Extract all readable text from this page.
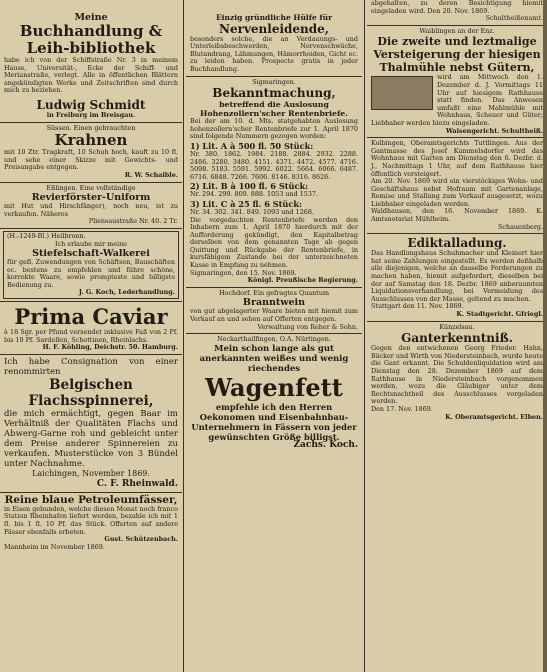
Meine
Buchhandlung & Leih-bibliothek
habe ich von der Schiffstraße Nr. 3 in meinem Hause, Universität-, Ecke der Schiff- und Merianstraße, verlegt. Alle in öffentlichen Blättern angekündigten Werke und Zeitschriften sind durch mich zu beziehen.
Ludwig Schmidt
in Freiburg im Breisgau.
Süssen. Einen gebrauchten
Krahnen
mit 10 Ztr. Tragkraft, 10 Schuh hoch, kauft zu 10 fl. und sehe einer Skizze mit Gewichts- und Preisangabe entgegen.
R. W. Schaible.
Eßlingen. Eine vollständige
Revierförster-Uniform
mit Hut und Hirschfänger), noch neu, ist zu verkaufen. Näheres
Pliensaustraße Nr. 40. 2 Tr.
(H.-1249-Bl.) Heilbronn.
Ich erlaube mir meine
Stiefelschaft-Walkerei
für gefl. Zuwendungen von Schäftsen, Bauschäften ec. bestens zu empfehlen und führe schöne, korrekte Waare, sowie prompteste und billigste Bedienung zu.
J. G. Koch, Lederhandlung.
Prima Caviar
à 18 Sgr. per Pfund versendet inklusive Faß von 2 Pf. bis 10 Pf. Sardellen, Schottinen, Rheinlachs.
H. F. Köhling, Deichstr. 50. Hamburg.
Ich habe Consignation von einer renommirten
Belgischen Flachsspinnerei,
die mich ermächtigt, gegen Baar im Verhältniß der Qualitäten Flachs und Abwerg-Garne roh und gebleicht unter dem Preise anderer Spinnereien zu verkaufen. Musterstücke von 3 Bündel unter Nachnahme.
Laichingen, November 1869.
C. F. Rheinwald.
Reine blaue Petroleumfässer,
in Eisen gebunden, welche diesen Monat noch franco Station Rheinhafen liefert werden, bezahle ich mit 1 fl. bis 1 fl. 10 Pf. das Stück. Offerten auf andere Fässer ebenfalls erbeten.
Gust. Schützenbach.
Mannheim im November 1869.
Einzig gründliche Hülfe für
Nervenleidende,
besonders solche, die an Verdauungs- und Unterleibsbeschwerden, Nervenschwäche, Blutandrang, Lähmungen, Hämorrhoiden, Gicht ec. zu leiden haben. Prospecte gratis in jeder Buchhandlung.
Sigmaringen.
Bekanntmachung,
betreffend die Auslosung Hohenzollern'scher Rentenbriefe.
Bei der am 10. d. Mts. statgehabten Auslosung hohenzollern'scher Rentenbriefe zur 1. April 1870 sind folgende Nummern gezogen worden:
1) Lit. A à 500 fl. 50 Stück:
Nr. 380. 1862. 1984. 2188. 2884. 2932. 2288. 2486. 3280. 3480. 4151. 4371. 4472. 4577. 4716. 5098. 5183. 5591. 5992. 6022. 5664. 6066. 6487. 6716. 6848. 7266. 7606. 8146. 8316. 8626.
2) Lit. B à 100 fl. 6 Stück:
Nr. 294. 299. 809. 888. 1053 und 1537.
3) Lit. C à 25 fl. 6 Stück:
Nr. 34. 302. 341. 849. 1093 und 1268.
Die vorgedachten Rentenbriefe werden den Inhabern zum 1. April 1870 hierdurch mit der Aufforderung gekündigt, den Kapitalbetrag derselben von dem genannten Tage ab gegen Quittung und Rückgabe der Rentenbriefe, in kursfähigem Zustande bei der unterzeichneten Kasse in Empfang zu nehmen.
Sigmaringen, den 15. Nov. 1869.
Königl. Preußische Regierung.
Hochdorf. Ein gefragtes Quantum
Branntwein
von gut abgelagerter Waare bieten mit hiemit zum Verkauf an und sehen auf Offerten entgegen.
Verwaltung von Reher & Sohn.
Neckarthailfingen, O.A. Nürtingen.
Mein schon lange als gut anerkannten weißes und wenig riechendes
Wagenfett
empfehle ich den Herren Oekonomen und Eisenbahnbau-Unternehmern in Fässern von jeder gewünschten Größe billigst.
Zachs. Koch.
abgehalten, zu deren Besichtigung hiemit eingeladen wird. Den 20. Nov. 1869.
Schultheißenamt.
Waiblingen an der Enz.
Die zweite und leztmalige Versteigerung der hiesigen Thalmühle nebst Gütern,
wird am Mittwoch den 1. Dezember d. J. Vormittags 11 Uhr auf hiesigem Rathhause statt finden. Das Anwesen umfaßt eine Mahlmühle mit Wohnhaus, Scheuer und Güter; Liebhaber werden hiezu eingeladen.
Waisengericht. Schultheiß.
Kolbingen, Oberamtsgerichts Tuttlingen. Aus der Gantmasse des Josef Kummelsdorfer wird das Wohnhaus mit Garten am Dienstag den 6. Dezbr. d. J., Nachmittags 1 Uhr, auf dem Rathhause hier öffentlich versteigert.
Am 20. Nov. 1869 wird ein vierstöckiges Wohn- und Geschäftshaus nebst Hofraum mit Gartenanlage, Remise und Stallung zum Verkauf ausgesetzt, wozu Liebhaber eingeladen werden.
Waldhausen, den 16. November 1869. K. Amtsnotariat Mühlheim.
Schauenberg.
Ediktalladung.
Das Handlungshaus Schuhmacher und Kleinert hier hat seine Zahlungen eingestellt. Es werden deßhalb alle diejenigen, welche an dasselbe Forderungen zu machen haben, hiemit aufgefordert, dieselben bei der auf Samstag den 18. Dezbr. 1869 anberaumten Liquidationsverhandlung, bei Vermeidung des Ausschlusses von der Masse, geltend zu machen.
Stuttgart den 11. Nov. 1869.
K. Stadtgericht. Gfriegl.
Künzelsau.
Ganterkenntniß.
Gegen den entwichenen Georg Frieder. Hahn, Bäcker und Wirth von Niedersteinbach, wurde heute die Gant erkannt. Die Schuldenliquidation wird am Dienstag den 28. Dezember 1869 auf dem Rathhause in Niedersteinbach vorgenommen werden, wozu die Gläubiger unter dem Rechtsnachtheil des Ausschlusses vorgeladen werden.
Den 17. Nov. 1869.
K. Oberamtsgericht. Elben.
